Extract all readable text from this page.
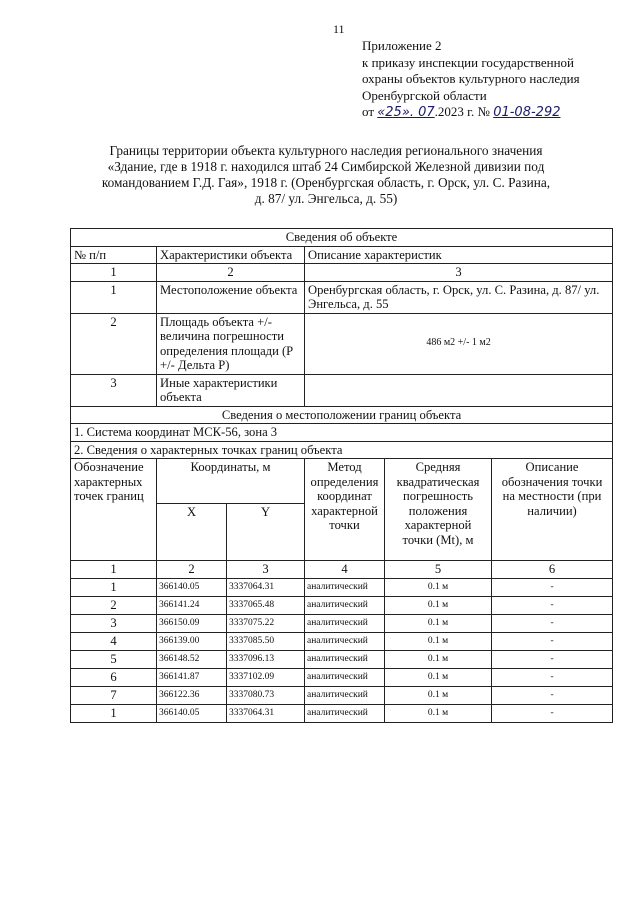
11
Приложение 2
к приказу инспекции государственной
охраны объектов культурного наследия
Оренбургской области
от «25». 07.2023 г. № 01-08-292
Границы территории объекта культурного наследия регионального значения
«Здание, где в 1918 г. находился штаб 24 Симбирской Железной дивизии под
командованием Г.Д. Гая», 1918 г. (Оренбургская область, г. Орск, ул. С. Разина,
д. 87/ ул. Энгельса, д. 55)
Сведения об объекте					
№ п/п	Характеристики объекта		Описание характеристик		
1	2		3		
1	Местоположение объекта		Оренбургская область, г. Орск, ул. С. Разина, д. 87/ ул. Энгельса, д. 55		
2	Площадь объекта +/- величина погрешности определения площади (Р +/- Дельта Р)		486 м2 +/- 1 м2		
3	Иные характеристики объекта				
Сведения о местоположении границ объекта					
1. Система координат МСК-56, зона 3					
2. Сведения о характерных точках границ объекта					
Обозначение характерных точек границ	Координаты, м		Метод определения координат характерной точки	Средняя квадратическая погрешность положения характерной точки (Mt), м	Описание обозначения точки на местности (при наличии)
	X	Y			
1	2	3	4	5	6
1	366140.05	3337064.31	аналитический	0.1 м	-
2	366141.24	3337065.48	аналитический	0.1 м	-
3	366150.09	3337075.22	аналитический	0.1 м	-
4	366139.00	3337085.50	аналитический	0.1 м	-
5	366148.52	3337096.13	аналитический	0.1 м	-
6	366141.87	3337102.09	аналитический	0.1 м	-
7	366122.36	3337080.73	аналитический	0.1 м	-
1	366140.05	3337064.31	аналитический	0.1 м	-
